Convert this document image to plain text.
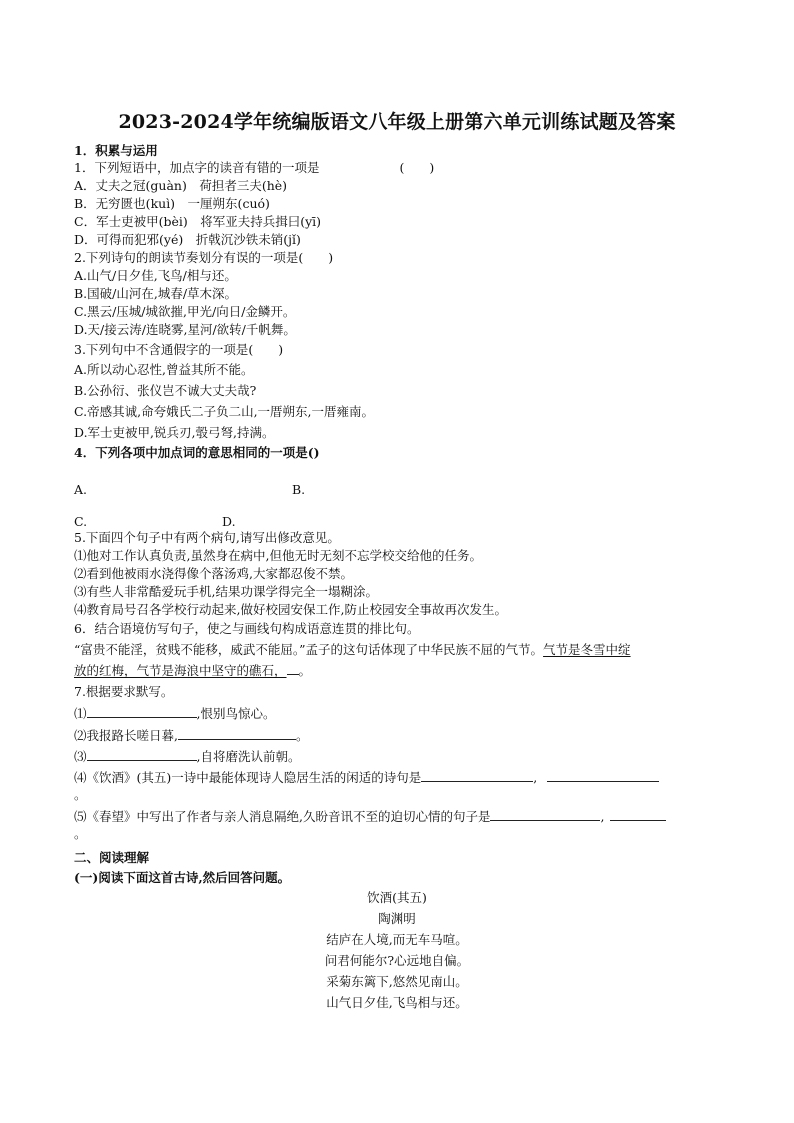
2023-2024学年统编版语文八年级上册第六单元训练试题及答案
1．积累与运用
1．下列短语中，加点字的读音有错的一项是	(　　)
A．丈夫之冠(guàn)　荷担者三夫(hè)
B．无穷匮也(kuì)　一厘朔东(cuó)
C．军士吏被甲(bèi)　将军亚夫持兵揖曰(yī)
D．可得而犯邪(yé)　折戟沉沙铁未销(jǐ)
2.下列诗句的朗读节奏划分有误的一项是(　　)
A.山气/日夕佳,飞鸟/相与还。
B.国破/山河在,城春/草木深。
C.黑云/压城/城欲摧,甲光/向日/金鳞开。
D.天/接云涛/连晓雾,星河/欲转/千帆舞。
3.下列句中不含通假字的一项是(　　)
A.所以动心忍性,曾益其所不能。
B.公孙衍、张仪岂不诚大丈夫哉?
C.帝感其诚,命夸娥氏二子负二山,一厝朔东,一厝雍南。
D.军士吏被甲,锐兵刃,彀弓弩,持满。
4．下列各项中加点词的意思相同的一项是()
A.	B.
C.	D.
5.下面四个句子中有两个病句,请写出修改意见。
⑴他对工作认真负责,虽然身在病中,但他无时无刻不忘学校交给他的任务。
⑵看到他被雨水浇得像个落汤鸡,大家都忍俊不禁。
⑶有些人非常酷爱玩手机,结果功课学得完全一塌糊涂。
⑷教育局号召各学校行动起来,做好校园安保工作,防止校园安全事故再次发生。
6．结合语境仿写句子，使之与画线句构成语意连贯的排比句。
“富贵不能淫，贫贱不能移，威武不能屈。”孟子的这句话体现了中华民族不屈的气节。气节是冬雪中绽
放的红梅，气节是海浪中坚守的礁石， 。
7.根据要求默写。
⑴	,恨别鸟惊心。
⑵我报路长嗟日暮,	。
⑶	,自将磨洗认前朝。
⑷《饮酒》(其五)一诗中最能体现诗人隐居生活的闲适的诗句是	,
。
⑸《春望》中写出了作者与亲人消息隔绝,久盼音讯不至的迫切心情的句子是	,
。
二、阅读理解
(一)阅读下面这首古诗,然后回答问题。
饮酒(其五)
陶渊明
结庐在人境,而无车马喧。
问君何能尔?心远地自偏。
采菊东篱下,悠然见南山。
山气日夕佳,飞鸟相与还。
